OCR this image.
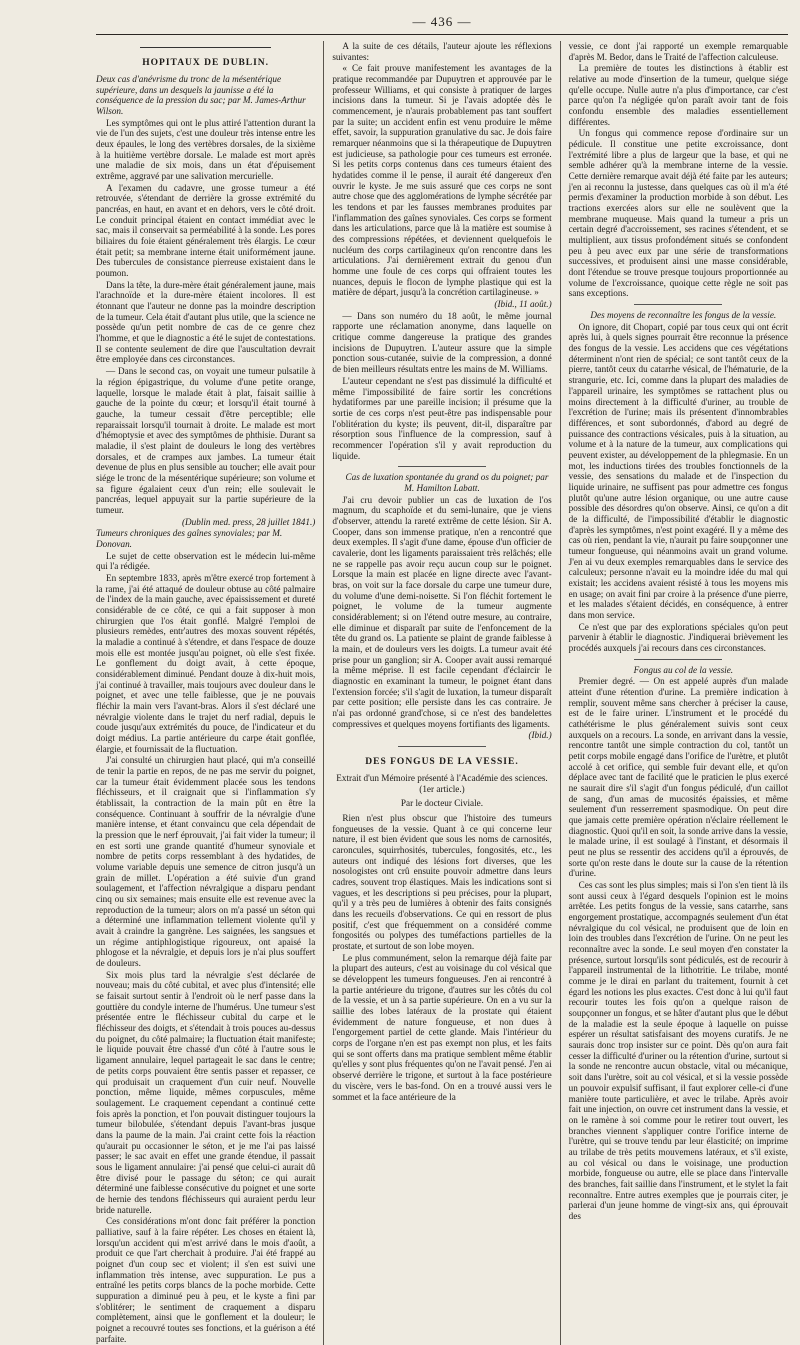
— 436 —
HOPITAUX DE DUBLIN.

Deux cas d'anévrisme du tronc de la mésentérique supérieure, dans un desquels la jaunisse a été la conséquence de la pression du sac; par M. James-Arthur Wilson.

Les symptômes qui ont le plus attiré l'attention durant la vie de l'un des sujets, c'est une douleur très intense entre les deux épaules, le long des vertèbres dorsales, de la sixième à la huitième vertèbre dorsale. Le malade est mort après une maladie de six mois, dans un état d'épuisement extrême, aggravé par une salivation mercurielle.

A l'examen du cadavre, une grosse tumeur a été retrouvée, s'étendant de derrière la grosse extrémité du pancréas, en haut, en avant et en dehors, vers le côté droit. Le conduit principal étaient en contact immédiat avec le sac, mais il conservait sa perméabilité à la sonde. Les pores biliaires du foie étaient généralement très élargis. Le cœur était petit; sa membrane interne était uniformément jaune. Des tubercules de consistance pierreuse existaient dans le poumon.

Dans la tête, la dure-mère était généralement jaune, mais l'arachnoïde et la dure-mère étaient incolores. Il est étonnant que l'auteur ne donne pas la moindre description de la tumeur. Cela était d'autant plus utile, que la science ne possède qu'un petit nombre de cas de ce genre chez l'homme, et que le diagnostic a été le sujet de contestations. Il se contente seulement de dire que l'auscultation devrait être employée dans ces circonstances.

— Dans le second cas, on voyait une tumeur pulsatile à la région épigastrique, du volume d'une petite orange, laquelle, lorsque le malade était à plat, faisait saillie à gauche de la pointe du cœur; et lorsqu'il était tourné à gauche, la tumeur cessait d'être perceptible; elle reparaissait lorsqu'il tournait à droite. Le malade est mort d'hémoptysie et avec des symptômes de phthisie. Durant sa maladie, il s'est plaint de douleurs le long des vertèbres dorsales, et de crampes aux jambes. La tumeur était devenue de plus en plus sensible au toucher; elle avait pour siége le tronc de la mésentérique supérieure; son volume et sa figure égalaient ceux d'un rein; elle soulevait le pancréas, lequel appuyait sur la partie supérieure de la tumeur.

(Dublin med. press, 28 juillet 1841.)

Tumeurs chroniques des gaînes synoviales; par M. Donovan.

Le sujet de cette observation est le médecin lui-même qui l'a rédigée.

En septembre 1833, après m'être exercé trop fortement à la rame, j'ai été attaqué de douleur obtuse au côté palmaire de l'index de la main gauche, avec épaississement et dureté considérable de ce côté, ce qui a fait supposer à mon chirurgien que l'os était gonflé. Malgré l'emploi de plusieurs remèdes, entr'autres des moxas souvent répétés, la maladie a continué à s'étendre, et dans l'espace de douze mois elle est montée jusqu'au poignet, où elle s'est fixée. Le gonflement du doigt avait, à cette époque, considérablement diminué. Pendant douze à dix-huit mois, j'ai continué à travailler, mais toujours avec douleur dans le poignet, et avec une telle faiblesse, que je ne pouvais fléchir la main vers l'avant-bras. Alors il s'est déclaré une névralgie violente dans le trajet du nerf radial, depuis le coude jusqu'aux extrémités du pouce, de l'indicateur et du doigt médius. La partie antérieure du carpe était gonflée, élargie, et fournissait de la fluctuation.

J'ai consulté un chirurgien haut placé, qui m'a conseillé de tenir la partie en repos, de ne pas me servir du poignet, car la tumeur était évidemment placée sous les tendons fléchisseurs, et il craignait que si l'inflammation s'y établissait, la contraction de la main pût en être la conséquence. Continuant à souffrir de la névralgie d'une manière intense, et étant convaincu que cela dépendait de la pression que le nerf éprouvait, j'ai fait vider la tumeur; il en est sorti une grande quantité d'humeur synoviale et nombre de petits corps ressemblant à des hydatides, de volume variable depuis une semence de citron jusqu'à un grain de millet. L'opération a été suivie d'un grand soulagement, et l'affection névralgique a disparu pendant cinq ou six semaines; mais ensuite elle est revenue avec la reproduction de la tumeur; alors on m'a passé un séton qui a déterminé une inflammation tellement violente qu'il y avait à craindre la gangrène. Les saignées, les sangsues et un régime antiphlogistique rigoureux, ont apaisé la phlogose et la névralgie, et depuis lors je n'ai plus souffert de douleurs.

Six mois plus tard la névralgie s'est déclarée de nouveau; mais du côté cubital, et avec plus d'intensité; elle se faisait surtout sentir à l'endroit où le nerf passe dans la gouttière du condyle interne de l'humérus. Une tumeur s'est présentée entre le fléchisseur cubital du carpe et le fléchisseur des doigts, et s'étendait à trois pouces au-dessus du poignet, du côté palmaire; la fluctuation était manifeste; le liquide pouvait être chassé d'un côté à l'autre sous le ligament annulaire, lequel partageait le sac dans le centre; de petits corps pouvaient être sentis passer et repasser, ce qui produisait un craquement d'un cuir neuf. Nouvelle ponction, même liquide, mêmes corpuscules, même soulagement. Le craquement cependant a continué cette fois après la ponction, et l'on pouvait distinguer toujours la tumeur bilobulée, s'étendant depuis l'avant-bras jusque dans la paume de la main. J'ai craint cette fois la réaction qu'aurait pu occasionner le séton, et je me l'ai pas laissé passer; le sac avait en effet une grande étendue, il passait sous le ligament annulaire: j'ai pensé que celui-ci aurait dû être divisé pour le passage du séton; ce qui aurait déterminé une faiblesse consécutive du poignet et une sorte de hernie des tendons fléchisseurs qui auraient perdu leur bride naturelle.

Ces considérations m'ont donc fait préférer la ponction palliative, sauf à la faire répéter. Les choses en étaient là, lorsqu'un accident qui m'est arrivé dans le mois d'août, a produit ce que l'art cherchait à produire. J'ai été frappé au poignet d'un coup sec et violent; il s'en est suivi une inflammation très intense, avec suppuration. Le pus a entraîné les petits corps blancs de la poche morbide. Cette suppuration a diminué peu à peu, et le kyste a fini par s'oblitérer; le sentiment de craquement a disparu complètement, ainsi que le gonflement et la douleur; le poignet a recouvré toutes ses fonctions, et la guérison a été parfaite.

A la suite de ces détails, l'auteur ajoute les réflexions suivantes:

« Ce fait prouve manifestement les avantages de la pratique recommandée par Dupuytren et approuvée par le professeur Williams, et qui consiste à pratiquer de larges incisions dans la tumeur. Si je l'avais adoptée dès le commencement, je n'aurais probablement pas tant souffert par la suite; un accident enfin est venu produire le même effet, savoir, la suppuration granulative du sac. Je dois faire remarquer néanmoins que si la thérapeutique de Dupuytren est judicieuse, sa pathologie pour ces tumeurs est erronée. Si les petits corps contenus dans ces tumeurs étaient des hydatides comme il le pense, il aurait été dangereux d'en ouvrir le kyste. Je me suis assuré que ces corps ne sont autre chose que des agglomérations de lymphe sécrétée par les tendons et par les fausses membranes produites par l'inflammation des gaînes synoviales. Ces corps se forment dans les articulations, parce que là la matière est soumise à des compressions répétées, et deviennent quelquefois le nucléum des corps cartilagineux qu'on rencontre dans les articulations. J'ai dernièrement extrait du genou d'un homme une foule de ces corps qui offraient toutes les nuances, depuis le flocon de lymphe plastique qui est la matière de départ, jusqu'à la concrétion cartilagineuse. »

(Ibid., 11 août.)

— Dans son numéro du 18 août, le même journal rapporte une réclamation anonyme, dans laquelle on critique comme dangereuse la pratique des grandes incisions de Dupuytren. L'auteur assure que la simple ponction sous-cutanée, suivie de la compression, a donné de bien meilleurs résultats entre les mains de M. Williams.

L'auteur cependant ne s'est pas dissimulé la difficulté et même l'impossibilité de faire sortir les concrétions hydatiformes par une pareille incision; il présume que la sortie de ces corps n'est peut-être pas indispensable pour l'oblitération du kyste; ils peuvent, dit-il, disparaître par résorption sous l'influence de la compression, sauf à recommencer l'opération s'il y avait reproduction du liquide.

Cas de luxation spontanée du grand os du poignet; par M. Hamilton Labatt.

J'ai cru devoir publier un cas de luxation de l'os magnum, du scaphoïde et du semi-lunaire, que je viens d'observer, attendu la rareté extrême de cette lésion. Sir A. Cooper, dans son immense pratique, n'en a rencontré que deux exemples. Il s'agit d'une dame, épouse d'un officier de cavalerie, dont les ligaments paraissaient très relâchés; elle ne se rappelle pas avoir reçu aucun coup sur le poignet. Lorsque la main est placée en ligne directe avec l'avant-bras, on voit sur la face dorsale du carpe une tumeur dure, du volume d'une demi-noisette. Si l'on fléchit fortement le poignet, le volume de la tumeur augmente considérablement; si on l'étend outre mesure, au contraire, elle diminue et disparaît par suite de l'enfoncement de la tête du grand os. La patiente se plaint de grande faiblesse à la main, et de douleurs vers les doigts. La tumeur avait été prise pour un ganglion; sir A. Cooper avait aussi remarqué la même méprise. Il est facile cependant d'éclaircir le diagnostic en examinant la tumeur, le poignet étant dans l'extension forcée; s'il s'agit de luxation, la tumeur disparaît par cette position; elle persiste dans les cas contraire. Je n'ai pas ordonné grand'chose, si ce n'est des bandelettes compressives et quelques moyens fortifiants des ligaments.

(Ibid.)

DES FONGUS DE LA VESSIE.
Extrait d'un Mémoire présenté à l'Académie des sciences. (1er article.)
Par le docteur Civiale.

Rien n'est plus obscur que l'histoire des tumeurs fongueuses de la vessie. Quant à ce qui concerne leur nature, il est bien évident que sous les noms de carnosités, caroncules, squirrhosités, tubercules, fongosités, etc., les auteurs ont indiqué des lésions fort diverses, que les nosologistes ont crû ensuite pouvoir admettre dans leurs cadres, souvent trop élastiques. Mais les indications sont si vagues, et les descriptions si peu précises, pour la plupart, qu'il y a très peu de lumières à obtenir des faits consignés dans les recueils d'observations. Ce qui en ressort de plus positif, c'est que fréquemment on a considéré comme fongosités ou polypes des tuméfactions partielles de la prostate, et surtout de son lobe moyen.

Le plus communément, selon la remarque déjà faite par la plupart des auteurs, c'est au voisinage du col vésical que se développent les tumeurs fongueuses. J'en ai rencontré à la partie antérieure du trigone, d'autres sur les côtés du col de la vessie, et un à sa partie supérieure. On en a vu sur la saillie des lobes latéraux de la prostate qui étaient évidemment de nature fongueuse, et non dues à l'engorgement partiel de cette glande. Mais l'intérieur du corps de l'organe n'en est pas exempt non plus, et les faits qui se sont offerts dans ma pratique semblent même établir qu'elles y sont plus fréquentes qu'on ne l'avait pensé. J'en ai observé derrière le trigone, et surtout à la face postérieure du viscère, vers le bas-fond. On en a trouvé aussi vers le sommet et la face antérieure de la

vessie, ce dont j'ai rapporté un exemple remarquable d'après M. Bedor, dans le Traité de l'affection calculeuse.

La première de toutes les distinctions à établir est relative au mode d'insertion de la tumeur, quelque siége qu'elle occupe. Nulle autre n'a plus d'importance, car c'est parce qu'on l'a négligée qu'on paraît avoir tant de fois confondu ensemble des maladies essentiellement différentes.

Un fongus qui commence repose d'ordinaire sur un pédicule. Il constitue une petite excroissance, dont l'extrémité libre a plus de largeur que la base, et qui ne semble adhérer qu'à la membrane interne de la vessie. Cette dernière remarque avait déjà été faite par les auteurs; j'en ai reconnu la justesse, dans quelques cas où il m'a été permis d'examiner la production morbide à son début. Les tractions exercées alors sur elle ne soulèvent que la membrane muqueuse. Mais quand la tumeur a pris un certain degré d'accroissement, ses racines s'étendent, et se multiplient, aux tissus profondément situés se confondent peu à peu avec eux par une série de transformations successives, et produisent ainsi une masse considérable, dont l'étendue se trouve presque toujours proportionnée au volume de l'excroissance, quoique cette règle ne soit pas sans exceptions.

Des moyens de reconnaître les fongus de la vessie.

On ignore, dit Chopart, copié par tous ceux qui ont écrit après lui, à quels signes pourrait être reconnue la présence des fongus de la vessie. Les accidens que ces végétations déterminent n'ont rien de spécial; ce sont tantôt ceux de la pierre, tantôt ceux du catarrhe vésical, de l'hématurie, de la strangurie, etc. Ici, comme dans la plupart des maladies de l'appareil urinaire, les symptômes se rattachent plus ou moins directement à la difficulté d'uriner, au trouble de l'excrétion de l'urine; mais ils présentent d'innombrables différences, et sont subordonnés, d'abord au degré de puissance des contractions vésicales, puis à la situation, au volume et à la nature de la tumeur, aux complications qui peuvent exister, au développement de la phlegmasie. En un mot, les inductions tirées des troubles fonctionnels de la vessie, des sensations du malade et de l'inspection du liquide urinaire, ne suffisent pas pour admettre ces fongus plutôt qu'une autre lésion organique, ou une autre cause possible des désordres qu'on observe. Ainsi, ce qu'on a dit de la difficulté, de l'impossibilité d'établir le diagnostic d'après les symptômes, n'est point exagéré. Il y a même des cas où rien, pendant la vie, n'aurait pu faire soupçonner une tumeur fongueuse, qui néanmoins avait un grand volume. J'en ai vu deux exemples remarquables dans le service des calculeux; personne n'avait eu la moindre idée du mal qui existait; les accidens avaient résisté à tous les moyens mis en usage; on avait fini par croire à la présence d'une pierre, et les malades s'étaient décidés, en conséquence, à entrer dans mon service.

Ce n'est que par des explorations spéciales qu'on peut parvenir à établir le diagnostic. J'indiquerai brièvement les procédés auxquels j'ai recours dans ces circonstances.

Fongus au col de la vessie.

Premier degré. — On est appelé auprès d'un malade atteint d'une rétention d'urine. La première indication à remplir, souvent même sans chercher à préciser la cause, est de le faire uriner. L'instrument et le procédé du cathétérisme le plus généralement suivis sont ceux auxquels on a recours. La sonde, en arrivant dans la vessie, rencontre tantôt une simple contraction du col, tantôt un petit corps mobile engagé dans l'orifice de l'urètre, et plutôt accolé à cet orifice, qui semble fuir devant elle, et qu'on déplace avec tant de facilité que le praticien le plus exercé ne saurait dire s'il s'agit d'un fongus pédiculé, d'un caillot de sang, d'un amas de mucosités épaissies, et même seulement d'un resserrement spasmodique. On peut dire que jamais cette première opération n'éclaire réellement le diagnostic. Quoi qu'il en soit, la sonde arrive dans la vessie, le malade urine, il est soulagé à l'instant, et désormais il peut ne plus se ressentir des accidens qu'il a éprouvés, de sorte qu'on reste dans le doute sur la cause de la rétention d'urine.

Ces cas sont les plus simples; mais si l'on s'en tient là ils sont aussi ceux à l'égard desquels l'opinion est le moins arrêtée. Les petits fongus de la vessie, sans catarrhe, sans engorgement prostatique, accompagnés seulement d'un état névralgique du col vésical, ne produisent que de loin en loin des troubles dans l'excrétion de l'urine. On ne peut les reconnaître avec la sonde. Le seul moyen d'en constater la présence, surtout lorsqu'ils sont pédiculés, est de recourir à l'appareil instrumental de la lithotritie. Le trilabe, monté comme je le dirai en parlant du traitement, fournit à cet égard les notions les plus exactes. C'est donc à lui qu'il faut recourir toutes les fois qu'on a quelque raison de soupçonner un fongus, et se hâter d'autant plus que le début de la maladie est la seule époque à laquelle on puisse espérer un résultat satisfaisant des moyens curatifs. Je ne saurais donc trop insister sur ce point. Dès qu'on aura fait cesser la difficulté d'uriner ou la rétention d'urine, surtout si la sonde ne rencontre aucun obstacle, vital ou mécanique, soit dans l'urètre, soit au col vésical, et si la vessie possède un pouvoir expulsif suffisant, il faut explorer celle-ci d'une manière toute particulière, et avec le trilabe. Après avoir fait une injection, on ouvre cet instrument dans la vessie, et on le ramène à soi comme pour le retirer tout ouvert, les branches viennent s'appliquer contre l'orifice interne de l'urètre, qui se trouve tendu par leur élasticité; on imprime au trilabe de très petits mouvemens latéraux, et s'il existe, au col vésical ou dans le voisinage, une production morbide, fongueuse ou autre, elle se place dans l'intervalle des branches, fait saillie dans l'instrument, et le stylet la fait reconnaître. Entre autres exemples que je pourrais citer, je parlerai d'un jeune homme de vingt-six ans, qui éprouvait des
